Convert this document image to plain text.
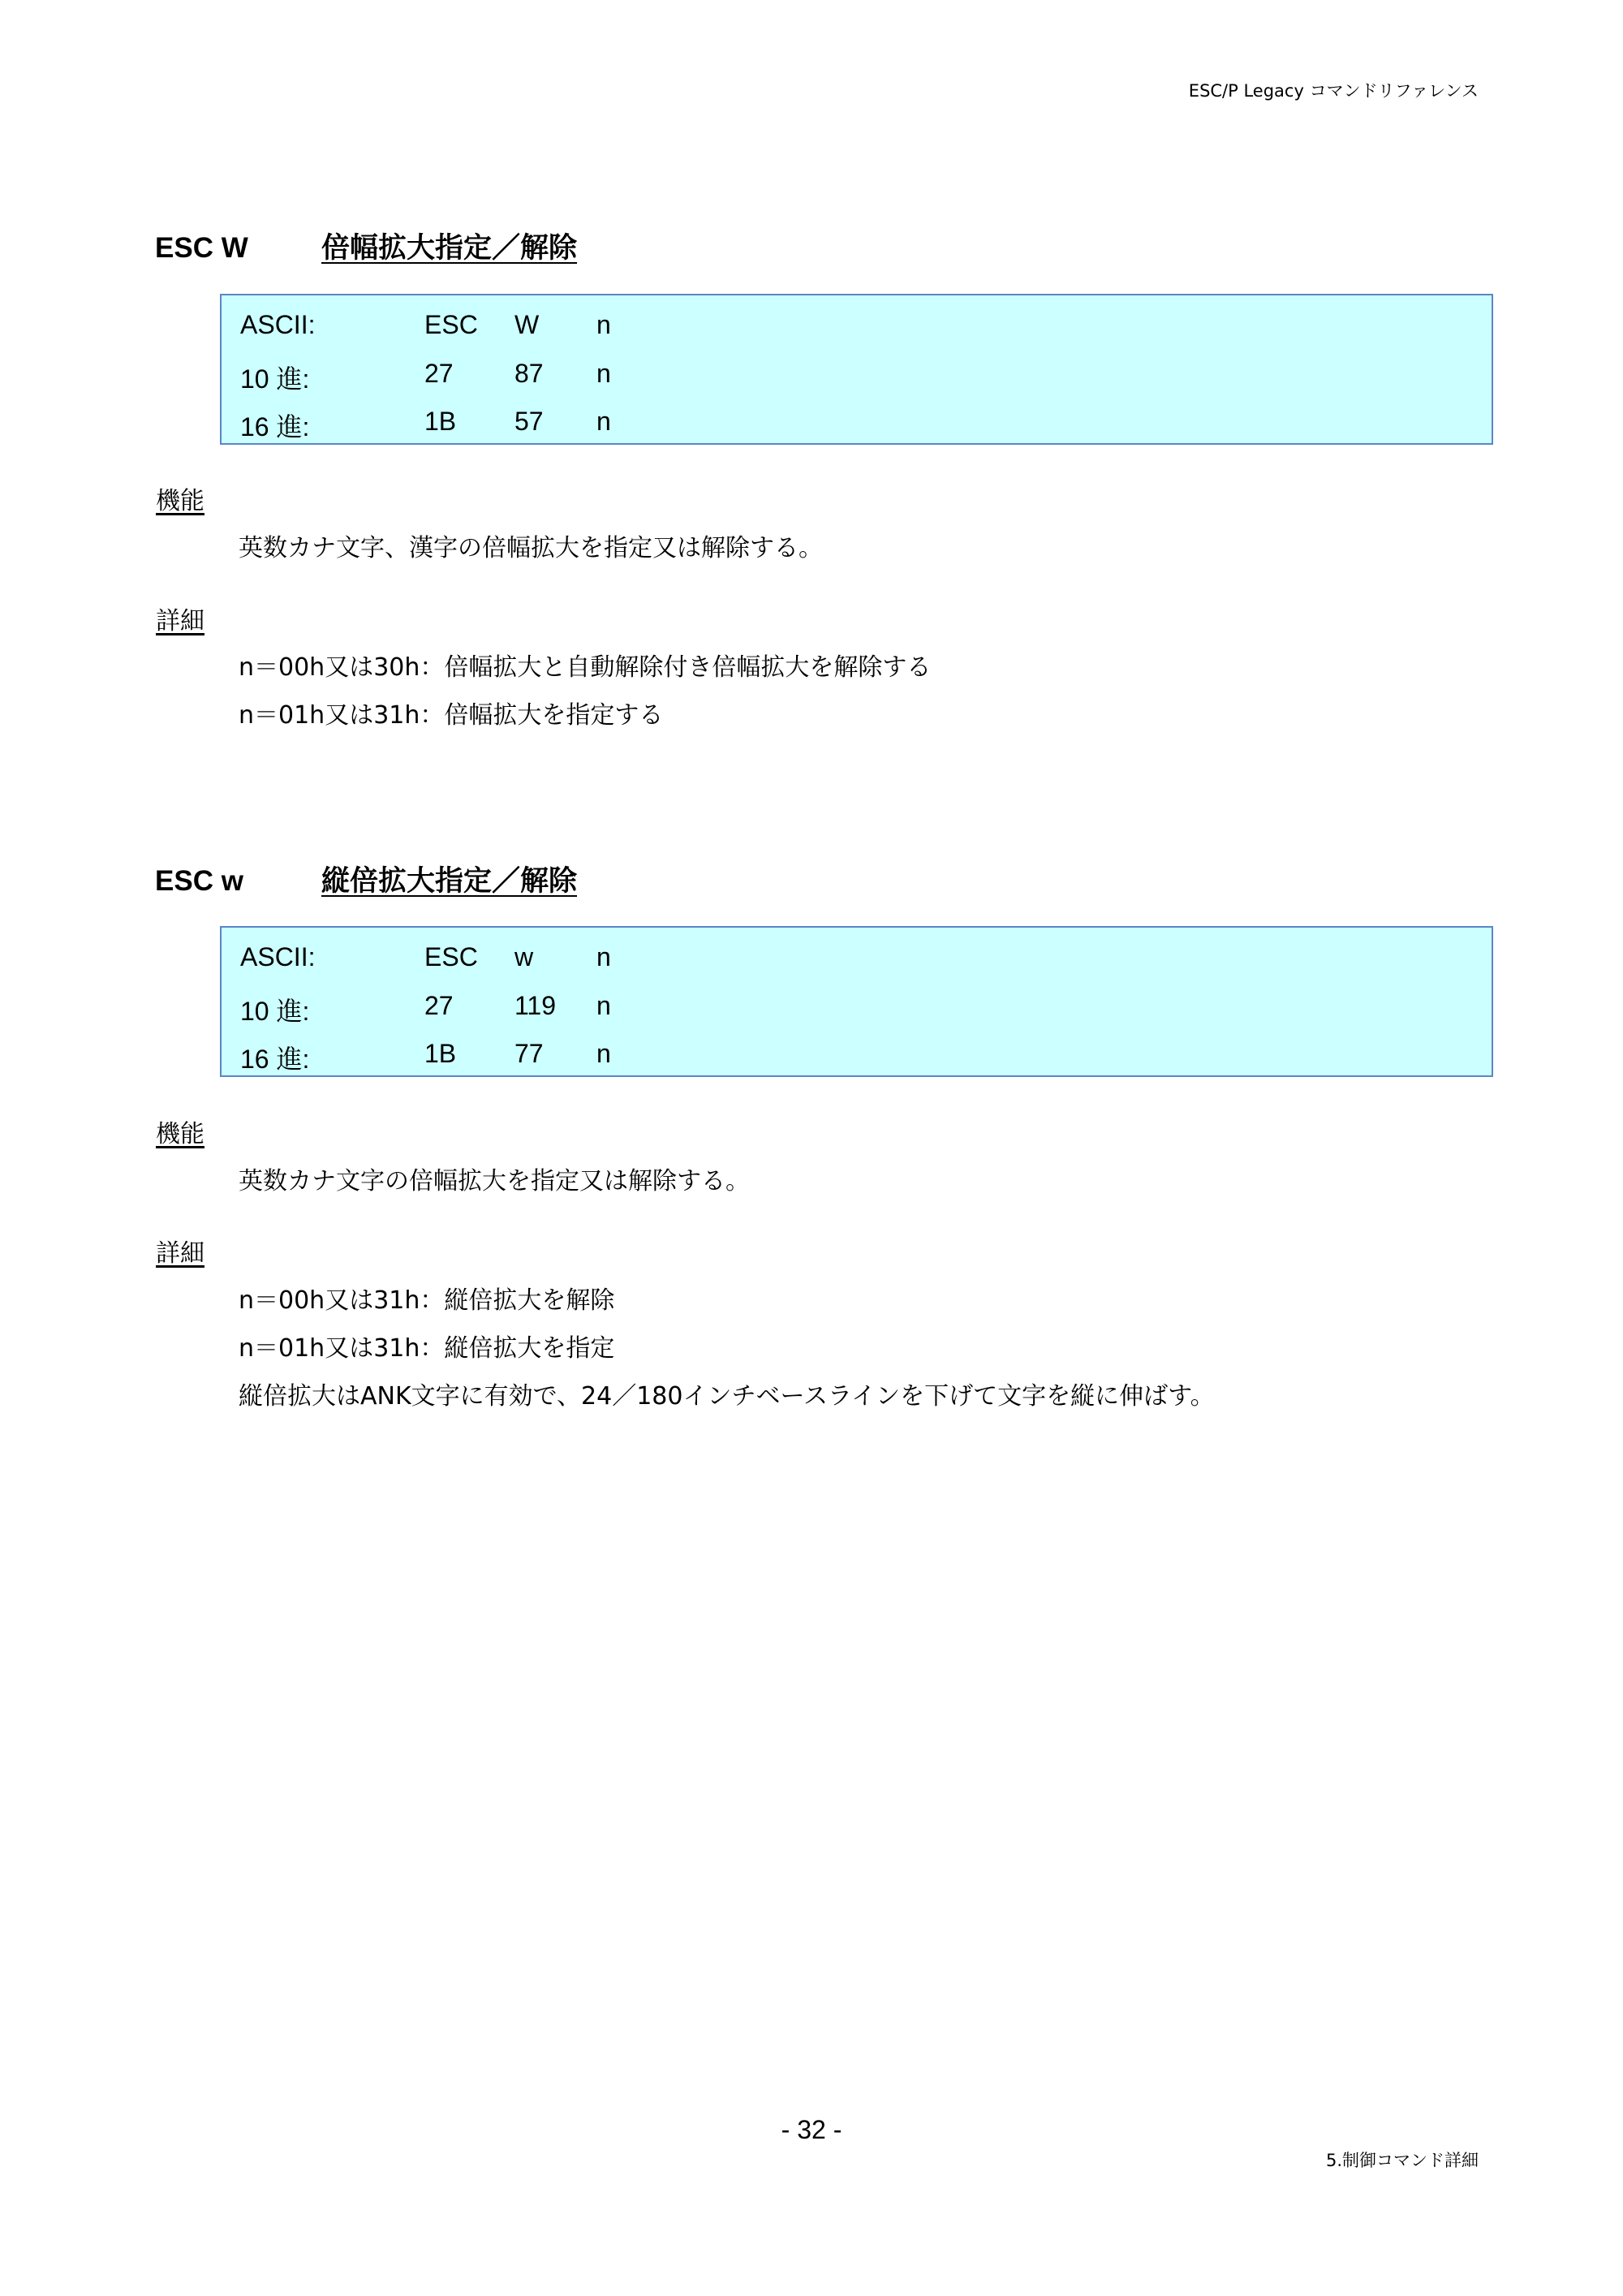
ESC/P Legacy コマンドリファレンス
ESC W	倍幅拡大指定／解除
ASCII:	ESC W n
10 進:	27 87 n
16 進:	1B 57 n
機能
英数カナ文字、漢字の倍幅拡大を指定又は解除する。
詳細
n＝00h又は30h：倍幅拡大と自動解除付き倍幅拡大を解除する
n＝01h又は31h：倍幅拡大を指定する
ESC w	縦倍拡大指定／解除
ASCII:	ESC w n
10 進:	27 119 n
16 進:	1B 77 n
機能
英数カナ文字の倍幅拡大を指定又は解除する。
詳細
n＝00h又は31h：縦倍拡大を解除
n＝01h又は31h：縦倍拡大を指定
縦倍拡大はANK文字に有効で、24／180インチベースラインを下げて文字を縦に伸ばす。
- 32 -
5.制御コマンド詳細
